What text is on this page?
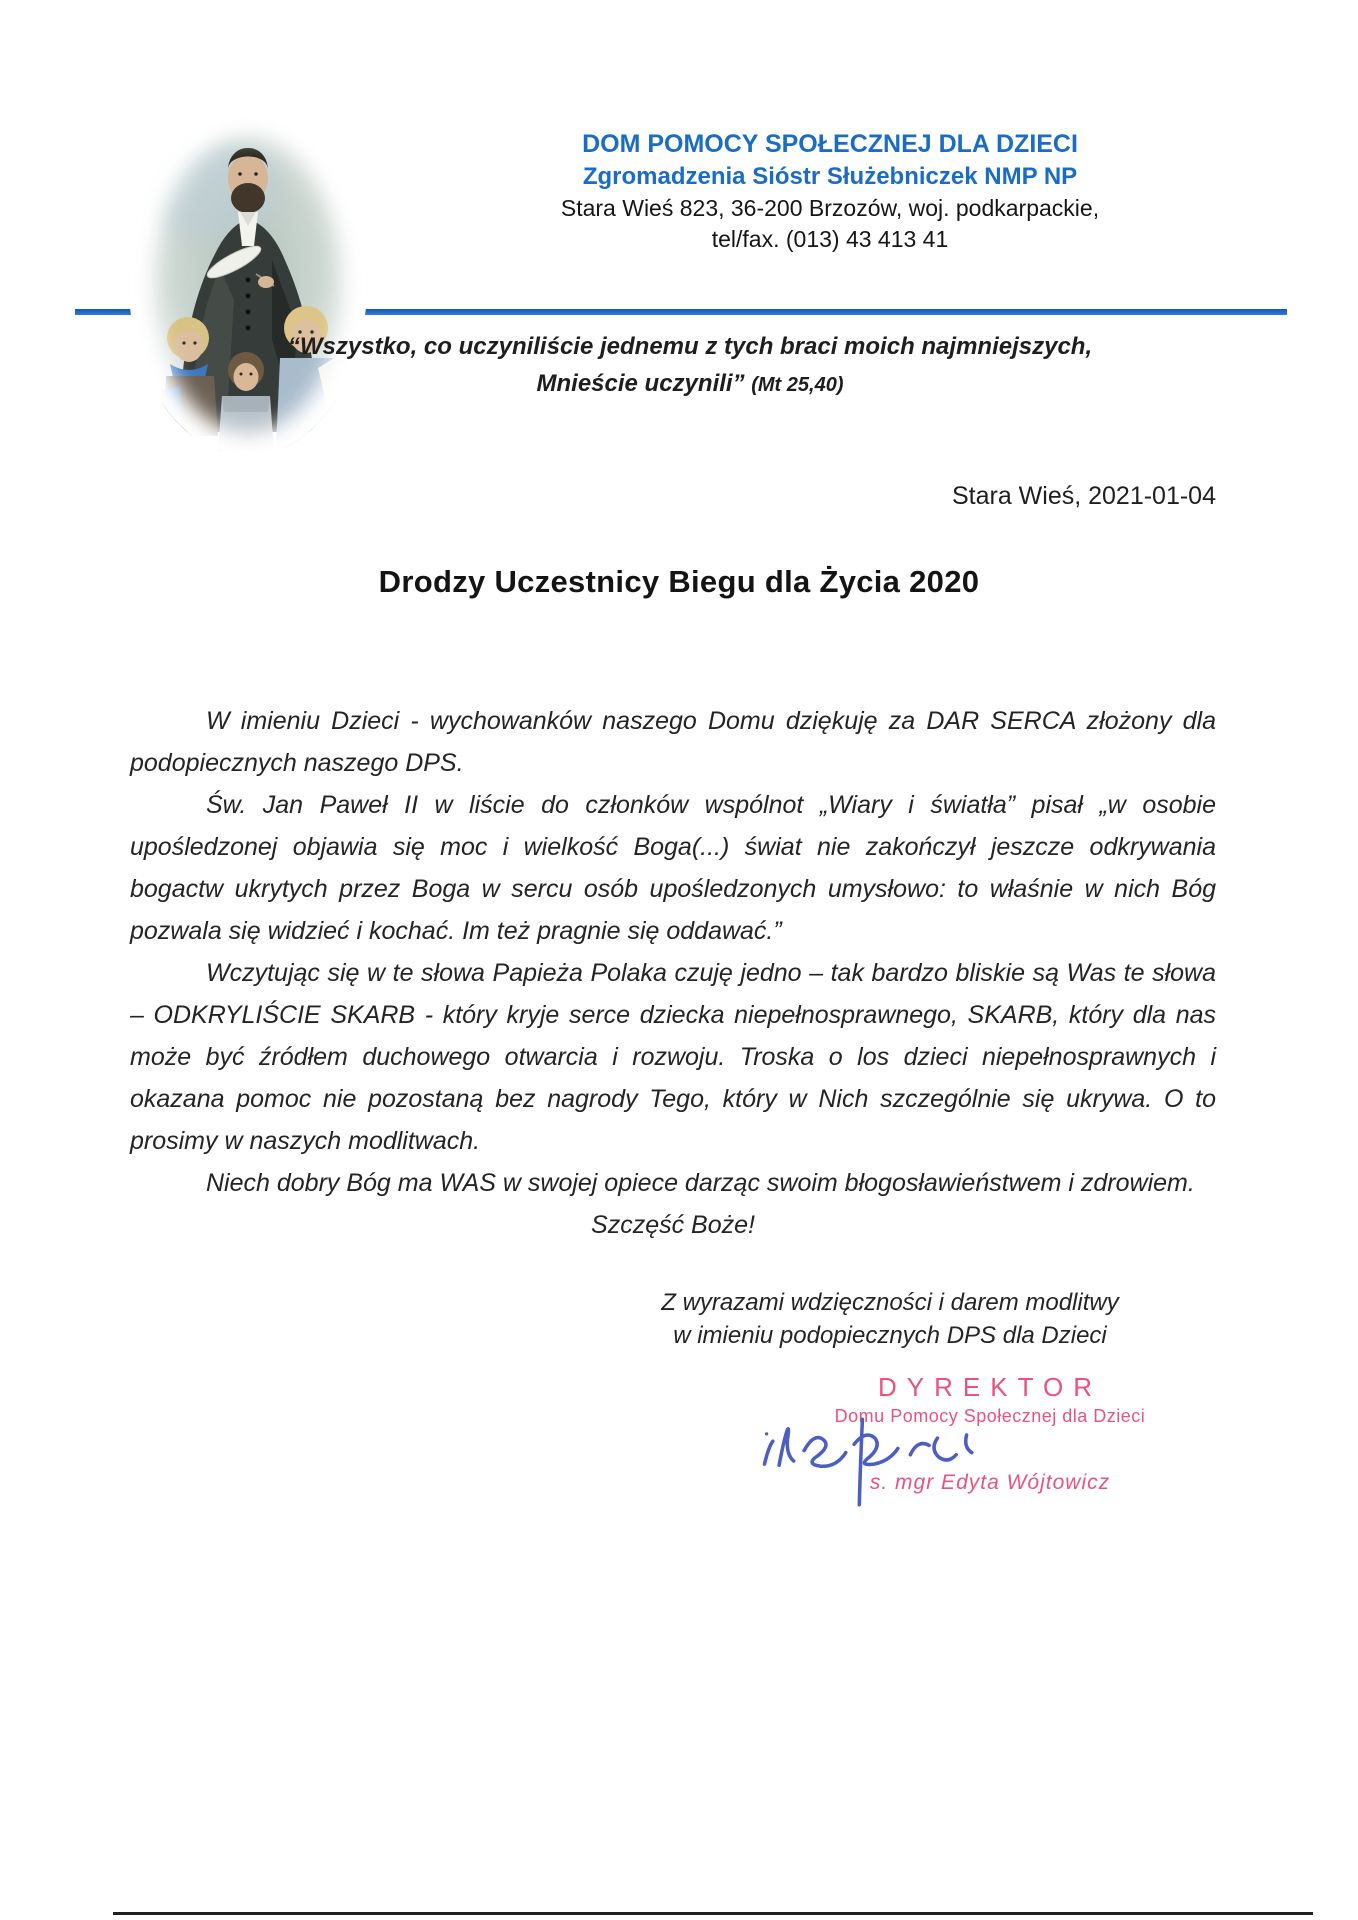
DOM POMOCY SPOŁECZNEJ DLA DZIECI
Zgromadzenia Sióstr Służebniczek NMP NP
Stara Wieś 823, 36-200 Brzozów, woj. podkarpackie,
tel/fax. (013) 43 413 41
“Wszystko, co uczyniliście jednemu z tych braci moich najmniejszych,
Mnieście uczynili” (Mt 25,40)
Stara Wieś, 2021-01-04
Drodzy Uczestnicy Biegu dla Życia 2020

W imieniu Dzieci - wychowanków naszego Domu dziękuję za DAR SERCA złożony dla podopiecznych naszego DPS.

Św. Jan Paweł II w liście do członków wspólnot „Wiary i światła” pisał „w osobie upośledzonej objawia się moc i wielkość Boga(...) świat nie zakończył jeszcze odkrywania bogactw ukrytych przez Boga w sercu osób upośledzonych umysłowo: to właśnie w nich Bóg pozwala się widzieć i kochać. Im też pragnie się oddawać.”

Wczytując się w te słowa Papieża Polaka czuję jedno – tak bardzo bliskie są Was te słowa – ODKRYLIŚCIE SKARB - który kryje serce dziecka niepełnosprawnego, SKARB, który dla nas może być źródłem duchowego otwarcia i rozwoju. Troska o los dzieci niepełnosprawnych i okazana pomoc nie pozostaną bez nagrody Tego, który w Nich szczególnie się ukrywa. O to prosimy w naszych modlitwach.

Niech dobry Bóg ma WAS w swojej opiece darząc swoim błogosławieństwem i zdrowiem.

Szczęść Boże!
Z wyrazami wdzięczności i darem modlitwy
w imieniu podopiecznych DPS dla Dzieci
DYREKTOR
Domu Pomocy Społecznej dla Dzieci
s. mgr Edyta Wójtowicz
